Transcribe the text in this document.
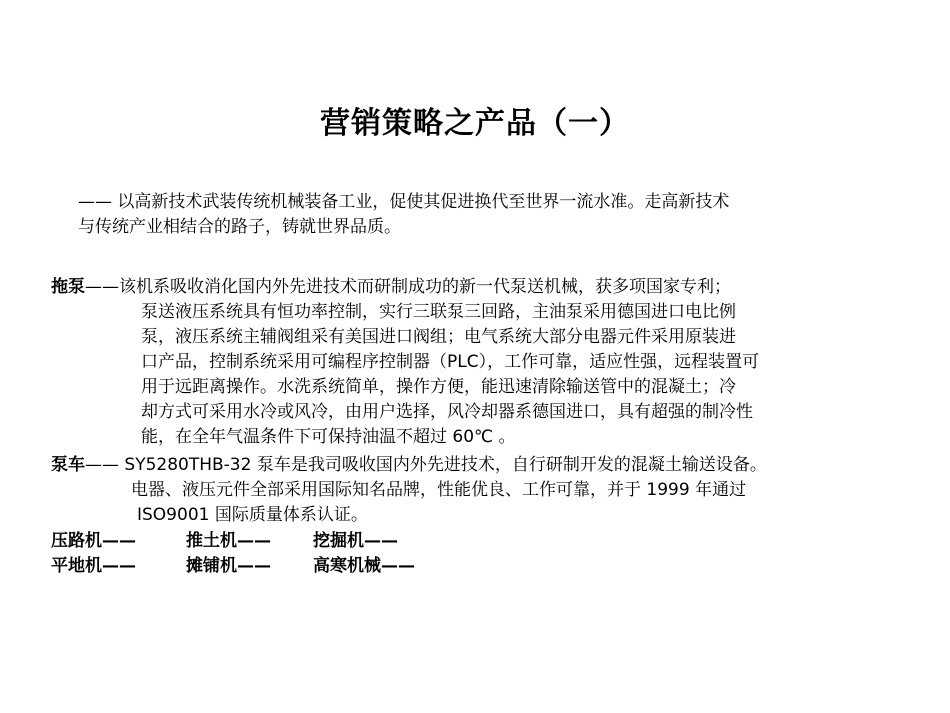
营销策略之产品（一）
—— 以高新技术武装传统机械装备工业，促使其促进换代至世界一流水准。走高新技术
与传统产业相结合的路子，铸就世界品质。
拖泵——该机系吸收消化国内外先进技术而研制成功的新一代泵送机械，获多项国家专利；
泵送液压系统具有恒功率控制，实行三联泵三回路，主油泵采用德国进口电比例
泵，液压系统主辅阀组采有美国进口阀组；电气系统大部分电器元件采用原装进
口产品，控制系统采用可编程序控制器（PLC），工作可靠，适应性强，远程装置可
用于远距离操作。水洗系统简单，操作方便，能迅速清除输送管中的混凝土；冷
却方式可采用水冷或风冷，由用户选择，风冷却器系德国进口，具有超强的制冷性
能，在全年气温条件下可保持油温不超过 60℃ 。
泵车—— SY5280THB-32 泵车是我司吸收国内外先进技术，自行研制开发的混凝土输送设备。
电器、液压元件全部采用国际知名品牌，性能优良、工作可靠，并于 1999 年通过
ISO9001 国际质量体系认证。
压路机——	推土机—— 挖掘机——
平地机——	摊铺机—— 高寒机械——
